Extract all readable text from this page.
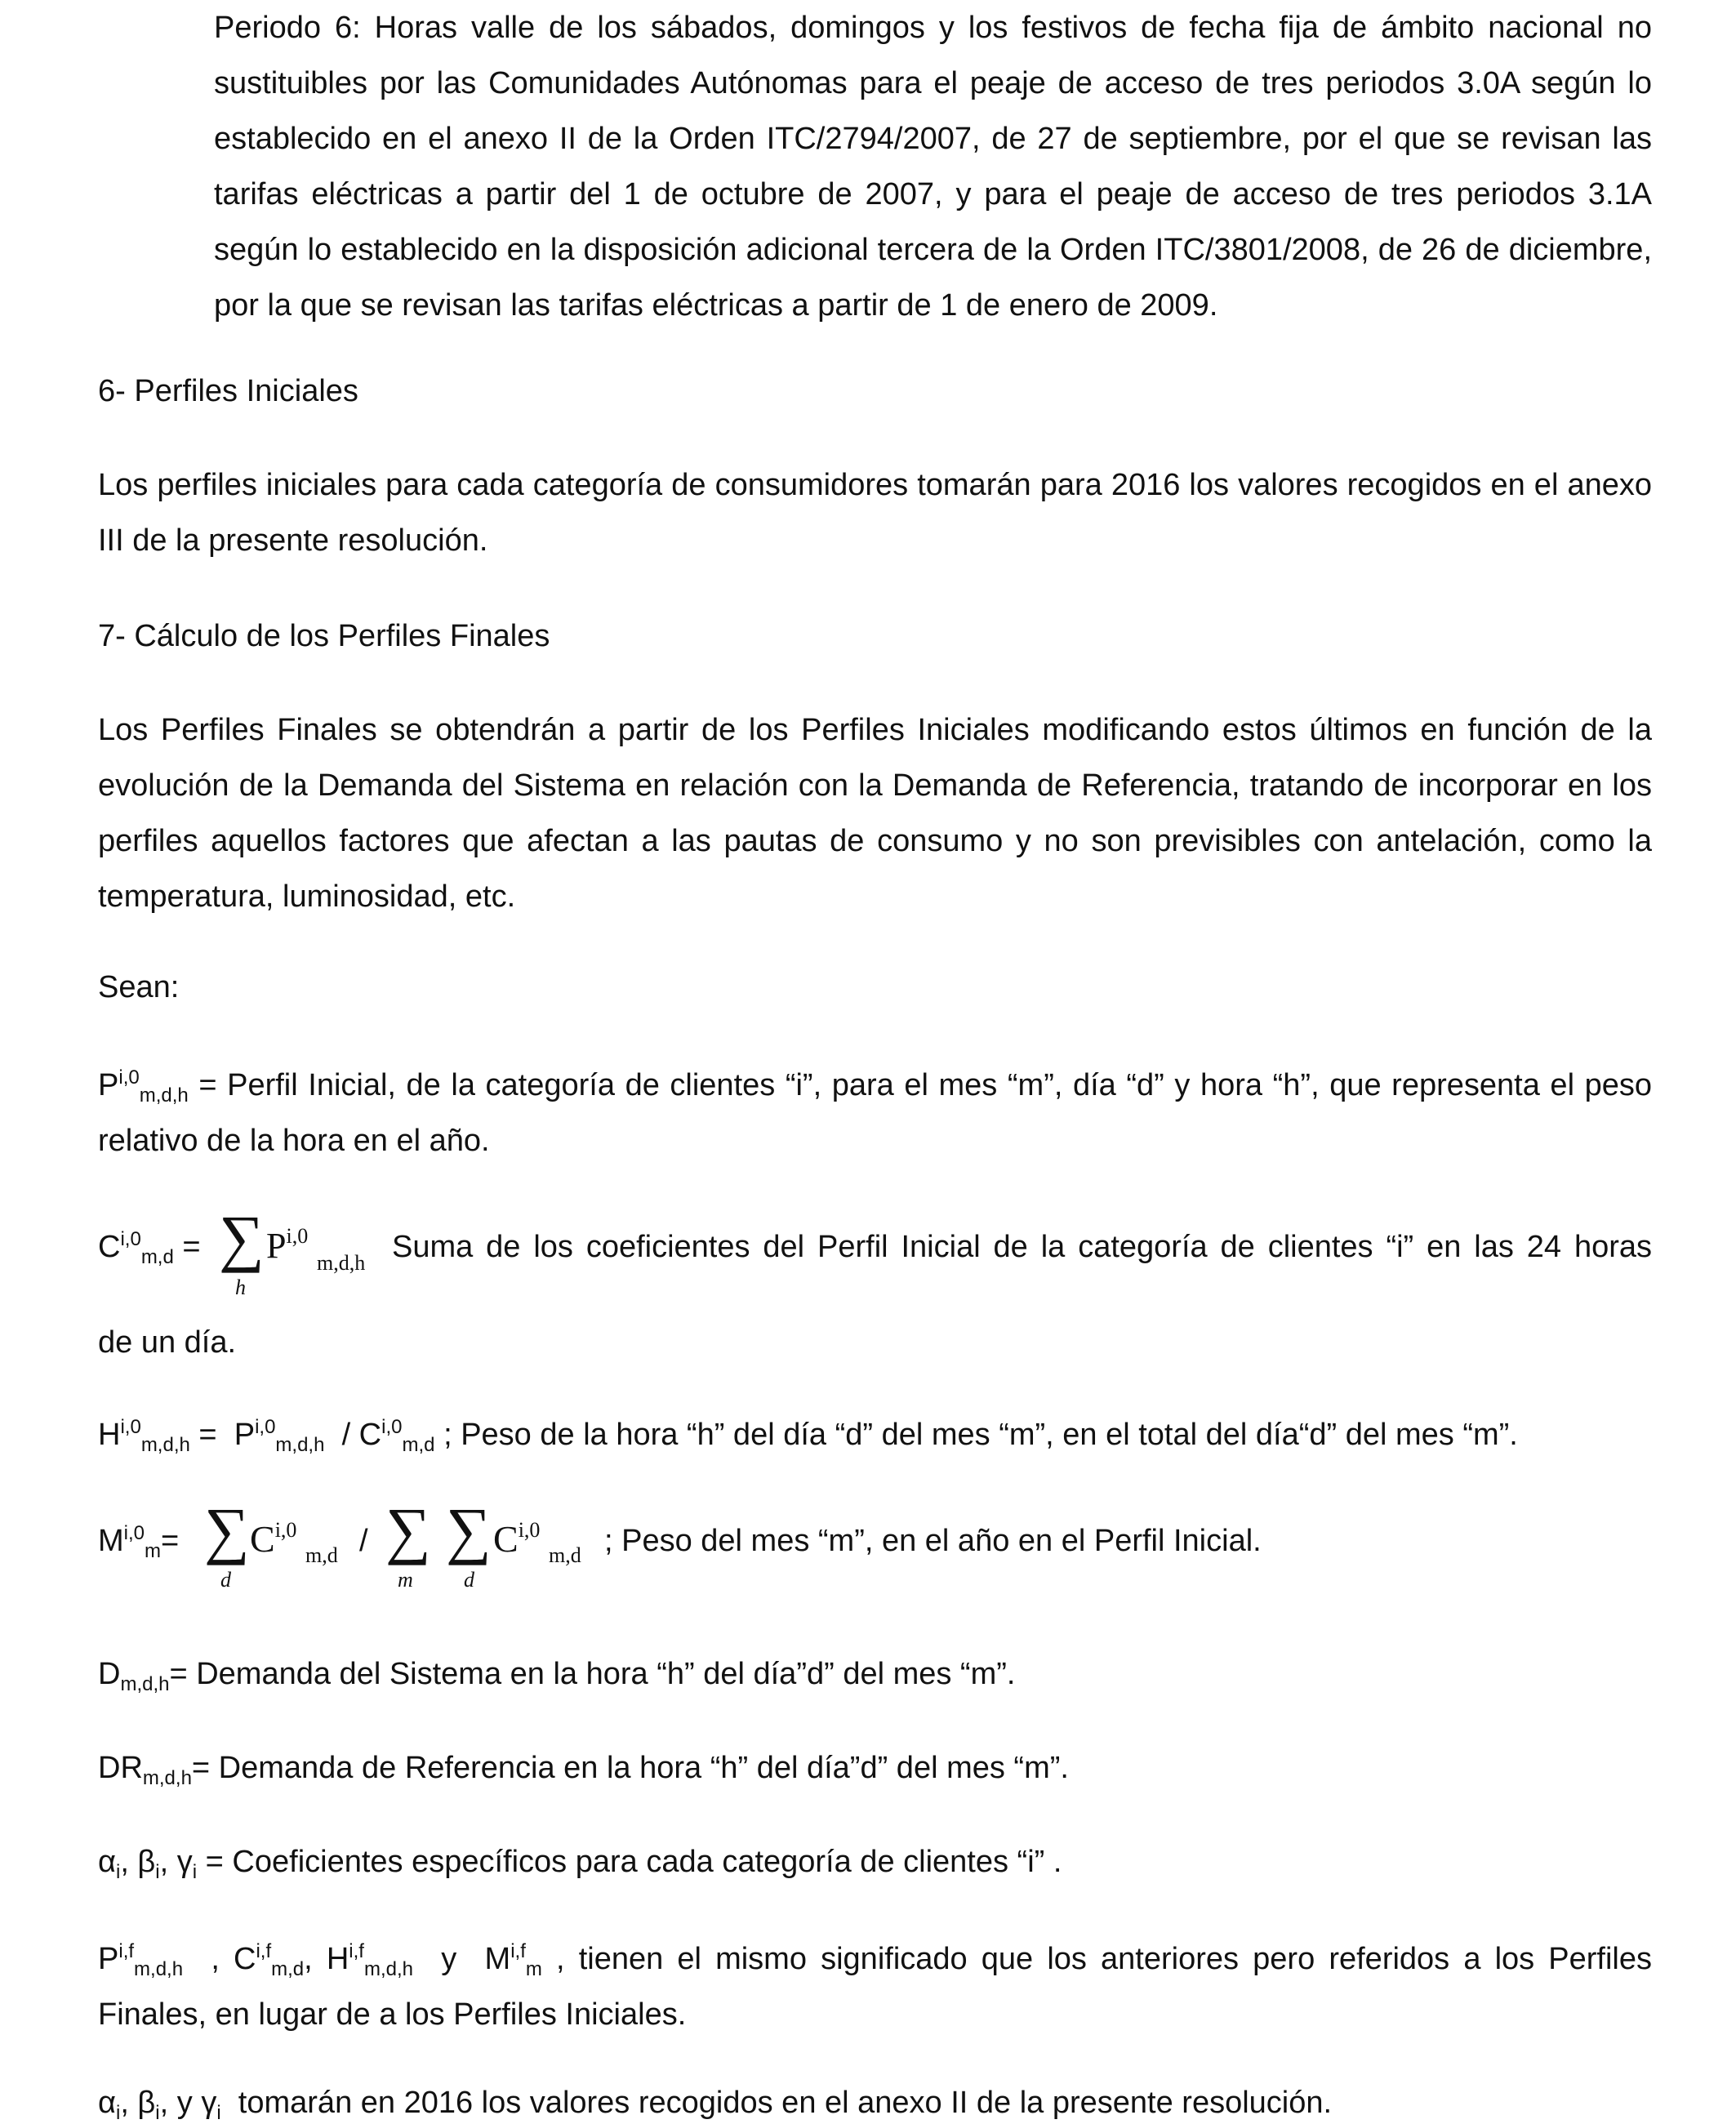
Periodo 6: Horas valle de los sábados, domingos y los festivos de fecha fija de ámbito nacional no sustituibles por las Comunidades Autónomas para el peaje de acceso de tres periodos 3.0A según lo establecido en el anexo II de la Orden ITC/2794/2007, de 27 de septiembre, por el que se revisan las tarifas eléctricas a partir del 1 de octubre de 2007, y para el peaje de acceso de tres periodos 3.1A según lo establecido en la disposición adicional tercera de la Orden ITC/3801/2008, de 26 de diciembre, por la que se revisan las tarifas eléctricas a partir de 1 de enero de 2009.
6- Perfiles Iniciales
Los perfiles iniciales para cada categoría de consumidores tomarán para 2016 los valores recogidos en el anexo III de la presente resolución.
7- Cálculo de los Perfiles Finales
Los Perfiles Finales se obtendrán a partir de los Perfiles Iniciales modificando estos últimos en función de la evolución de la Demanda del Sistema en relación con la Demanda de Referencia, tratando de incorporar en los perfiles aquellos factores que afectan a las pautas de consumo y no son previsibles con antelación, como la temperatura, luminosidad, etc.
Sean:
P$^{i,0}_{m,d,h}$ = Perfil Inicial, de la categoría de clientes “i”, para el mes “m”, día “d” y hora “h”, que representa el peso relativo de la hora en el año.
C$^{i,0}_{m,d}$ = ∑
h
P$^{i,0}$
m,d,h Suma de los coeficientes del Perfil Inicial de la categoría de clientes “i” en las 24 horas
de un día.
H$^{i,0}_{m,d,h}$ =  P$^{i,0}_{m,d,h}$  / C$^{i,0}_{m,d}$ ; Peso de la hora “h” del día “d” del mes “m”, en el total del día“d” del mes “m”.
M$^{i,0}_m$= ∑
d
C$^{i,0}$
m,d / ∑
m
∑
d
C$^{i,0}$
m,d ; Peso del mes “m”, en el año en el Perfil Inicial.
$D_{m,d,h}=$ Demanda del Sistema en la hora “h” del día”d” del mes “m”.
$DR_{m,d,h}=$ Demanda de Referencia en la hora “h” del día”d” del mes “m”.
$\alpha_i$, $\beta_i$, $\gamma_i$ = Coeficientes específicos para cada categoría de clientes “i” .
P$^{i,f}_{m,d,h}$  , C$^{i,f}_{m,d}$, H$^{i,f}_{m,d,h}$  y  M$^{i,f}_m$ , tienen el mismo significado que los anteriores pero referidos a los Perfiles Finales, en lugar de a los Perfiles Iniciales.
$\alpha_i$, $\beta_i$, y $\gamma_i$ tomarán en 2016 los valores recogidos en el anexo II de la presente resolución.
